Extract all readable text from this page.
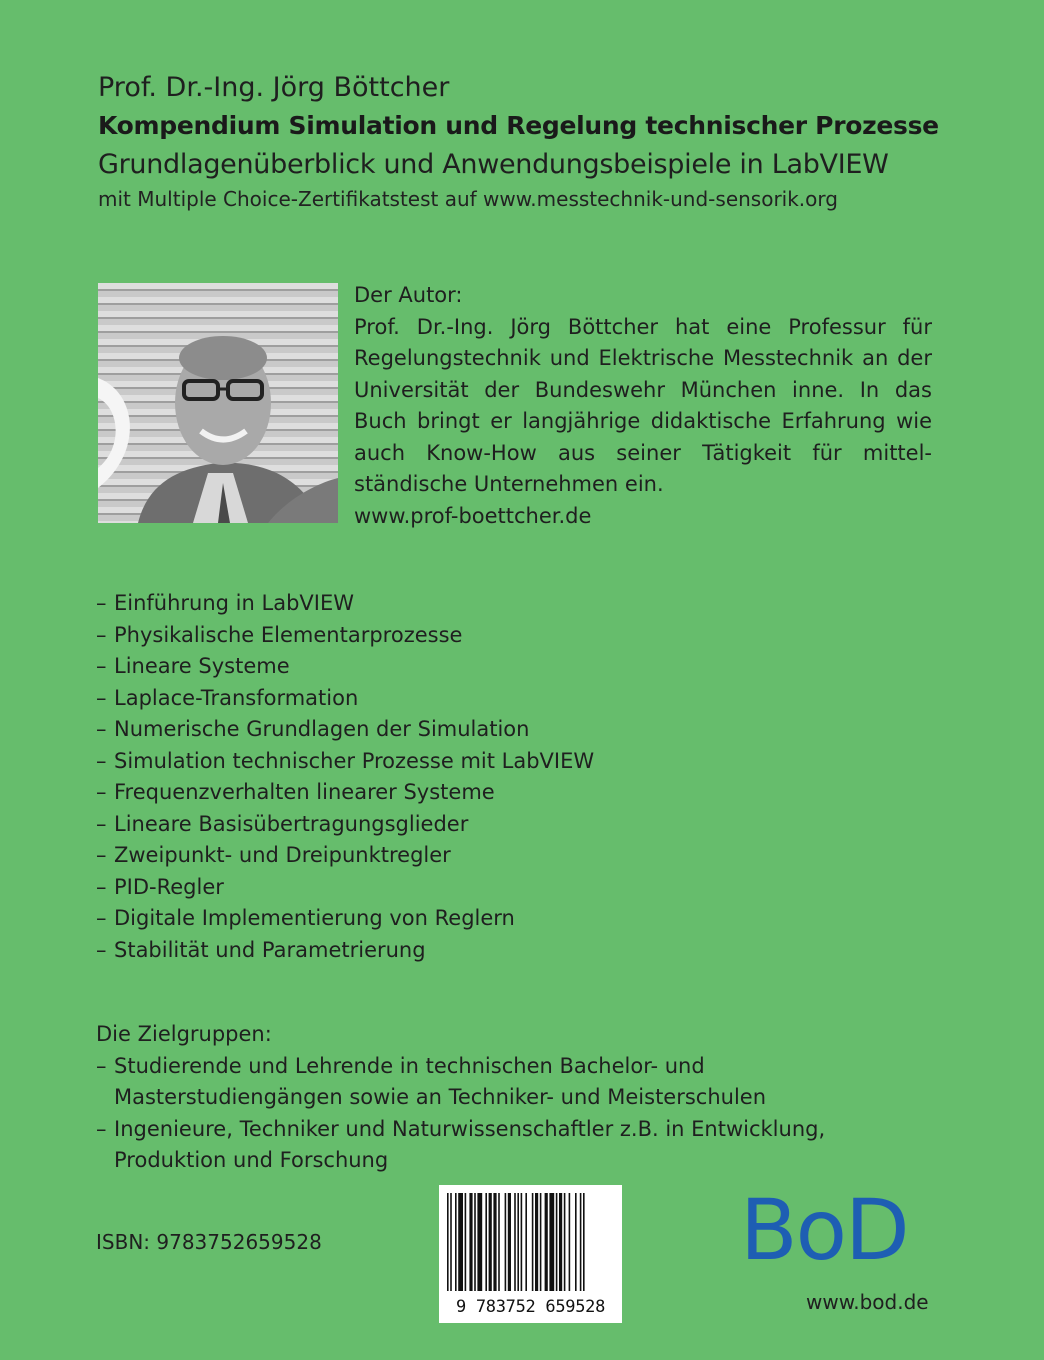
Prof. Dr.-Ing. Jörg Böttcher
Kompendium Simulation und Regelung technischer Prozesse
Grundlagenüberblick und Anwendungsbeispiele in LabVIEW
mit Multiple Choice-Zertifikatstest auf www.messtechnik-und-sensorik.org

Der Autor:

Prof. Dr.-Ing. Jörg Böttcher hat eine Professur für Regelungstechnik und Elektrische Messtechnik an der Universität der Bundeswehr München inne. In das Buch bringt er langjährige didaktische Erfahrung wie auch Know-How aus seiner Tätigkeit für mittel-ständische Unternehmen ein.

www.prof-boettcher.de

– Einführung in LabVIEW
– Physikalische Elementarprozesse
– Lineare Systeme
– Laplace-Transformation
– Numerische Grundlagen der Simulation
– Simulation technischer Prozesse mit LabVIEW
– Frequenzverhalten linearer Systeme
– Lineare Basisübertragungsglieder
– Zweipunkt- und Dreipunktregler
– PID-Regler
– Digitale Implementierung von Reglern
– Stabilität und Parametrierung

Die Zielgruppen:

– Studierende und Lehrende in technischen Bachelor- und Masterstudiengängen sowie an Techniker- und Meisterschulen
– Ingenieure, Techniker und Naturwissenschaftler z.B. in Entwicklung, Produktion und Forschung
ISBN: 9783752659528
9 783752 659528
BoD
www.bod.de
